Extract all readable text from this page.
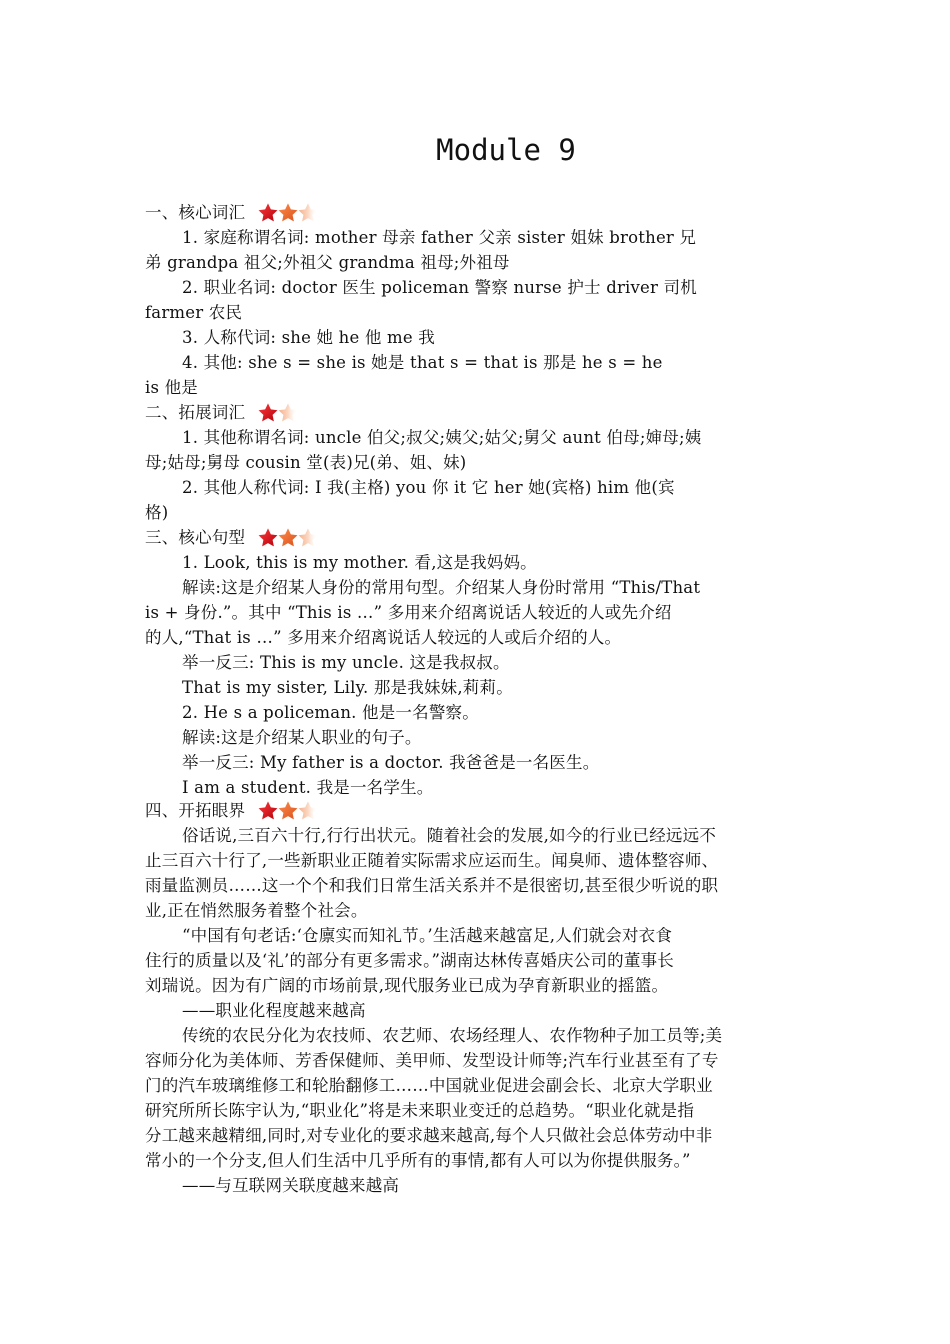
Module 9
一、核心词汇
1. 家庭称谓名词: mother 母亲 father 父亲 sister 姐妹 brother 兄
弟 grandpa 祖父;外祖父 grandma 祖母;外祖母
2. 职业名词: doctor 医生 policeman 警察 nurse 护士 driver 司机
farmer 农民
3. 人称代词: she 她 he 他 me 我
4. 其他: she s = she is 她是 that s = that is 那是 he s = he
is 他是
二、拓展词汇
1. 其他称谓名词: uncle 伯父;叔父;姨父;姑父;舅父 aunt 伯母;婶母;姨
母;姑母;舅母 cousin 堂(表)兄(弟、姐、妹)
2. 其他人称代词: I 我(主格) you 你 it 它 her 她(宾格) him 他(宾
格)
三、核心句型
1. Look, this is my mother. 看,这是我妈妈。
解读:这是介绍某人身份的常用句型。介绍某人身份时常用 “This/That
is + 身份.”。其中 “This is …” 多用来介绍离说话人较近的人或先介绍
的人,“That is …” 多用来介绍离说话人较远的人或后介绍的人。
举一反三: This is my uncle. 这是我叔叔。
That is my sister, Lily. 那是我妹妹,莉莉。
2. He s a policeman. 他是一名警察。
解读:这是介绍某人职业的句子。
举一反三: My father is a doctor. 我爸爸是一名医生。
I am a student. 我是一名学生。
四、开拓眼界
俗话说,三百六十行,行行出状元。随着社会的发展,如今的行业已经远远不
止三百六十行了,一些新职业正随着实际需求应运而生。闻臭师、遗体整容师、
雨量监测员……这一个个和我们日常生活关系并不是很密切,甚至很少听说的职
业,正在悄然服务着整个社会。
“中国有句老话:‘仓廪实而知礼节。’生活越来越富足,人们就会对衣食
住行的质量以及‘礼’的部分有更多需求。”湖南达林传喜婚庆公司的董事长
刘瑞说。因为有广阔的市场前景,现代服务业已成为孕育新职业的摇篮。
——职业化程度越来越高
传统的农民分化为农技师、农艺师、农场经理人、农作物种子加工员等;美
容师分化为美体师、芳香保健师、美甲师、发型设计师等;汽车行业甚至有了专
门的汽车玻璃维修工和轮胎翻修工……中国就业促进会副会长、北京大学职业
研究所所长陈宇认为,“职业化”将是未来职业变迁的总趋势。“职业化就是指
分工越来越精细,同时,对专业化的要求越来越高,每个人只做社会总体劳动中非
常小的一个分支,但人们生活中几乎所有的事情,都有人可以为你提供服务。”
——与互联网关联度越来越高
